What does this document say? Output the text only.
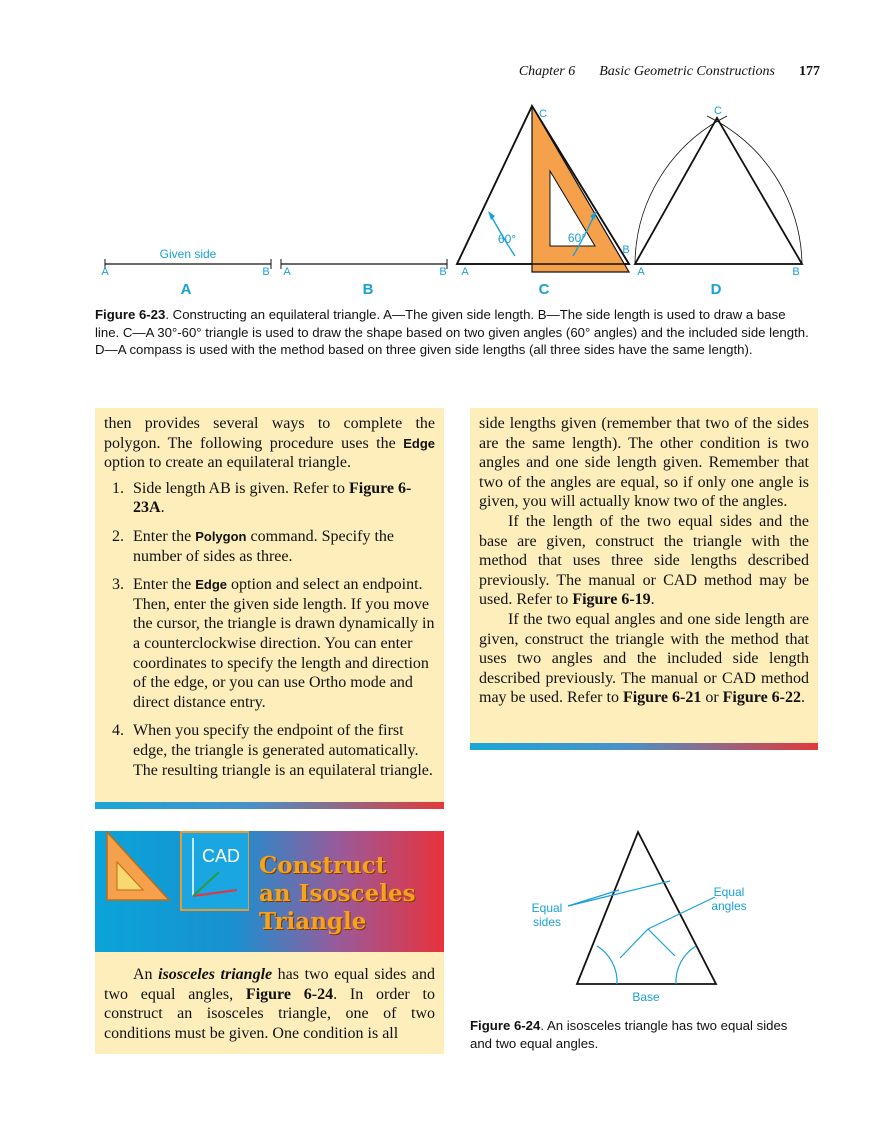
Chapter 6 Basic Geometric Constructions 177
Given side
A	B
A
A	B
B
60°	60°
C
B
A
C
C
A	B
D
Figure 6-23. Constructing an equilateral triangle. A—The given side length. B—The side length is used to draw a base line. C—A 30°-60° triangle is used to draw the shape based on two given angles (60° angles) and the included side length. D—A compass is used with the method based on three given side lengths (all three sides have the same length).

then provides several ways to complete the polygon. The following procedure uses the Edge option to create an equilateral triangle.

1. Side length AB is given. Refer to Figure 6-23A.
2. Enter the Polygon command. Specify the number of sides as three.
3. Enter the Edge option and select an endpoint. Then, enter the given side length. If you move the cursor, the triangle is drawn dynamically in a counterclockwise direction. You can enter coordinates to specify the length and direction of the edge, or you can use Ortho mode and direct distance entry.
4. When you specify the endpoint of the first edge, the triangle is generated automatically. The resulting triangle is an equilateral triangle.

side lengths given (remember that two of the sides are the same length). The other condition is two angles and one side length given. Remember that two of the angles are equal, so if only one angle is given, you will actually know two of the angles.

If the length of the two equal sides and the base are given, construct the triangle with the method that uses three side lengths described previously. The manual or CAD method may be used. Refer to Figure 6-19.

If the two equal angles and one side length are given, construct the triangle with the method that uses two angles and the included side length described previously. The manual or CAD method may be used. Refer to Figure 6-21 or Figure 6-22.

CAD Construct
an Isosceles
Triangle

An isosceles triangle has two equal sides and two equal angles, Figure 6-24. In order to construct an isosceles triangle, one of two conditions must be given. One condition is all

Equal
sides
Equal
angles
Base
Figure 6-24. An isosceles triangle has two equal sides and two equal angles.
